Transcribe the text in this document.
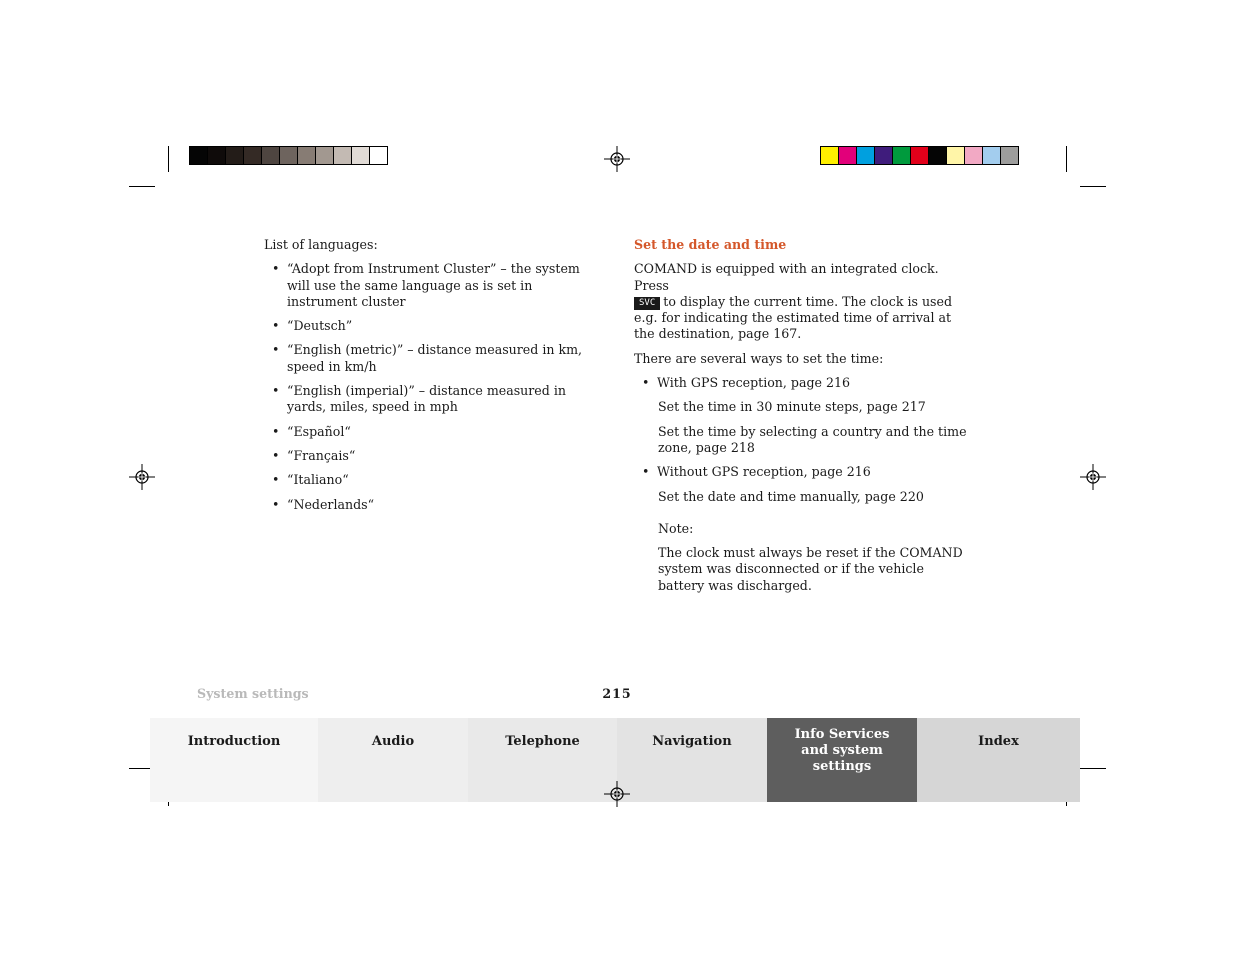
List of languages:

• “Adopt from Instrument Cluster” – the system will use the same language as is set in instrument cluster
• “Deutsch”
• “English (metric)” – distance measured in km, speed in km/h
• “English (imperial)” – distance measured in yards, miles, speed in mph
• “Español“
• “Français“
• “Italiano“
• “Nederlands“

Set the date and time

COMAND is equipped with an integrated clock. Press
SVC to display the current time. The clock is used e.g. for indicating the estimated time of arrival at the destination, page 167.

There are several ways to set the time:

• With GPS reception, page 216

Set the time in 30 minute steps, page 217

Set the time by selecting a country and the time zone, page 218

• Without GPS reception, page 216

Set the date and time manually, page 220

Note:

The clock must always be reset if the COMAND system was disconnected or if the vehicle battery was discharged.

System settings	215
Introduction	Audio	Telephone	Navigation	Info Services and system settings
Index
